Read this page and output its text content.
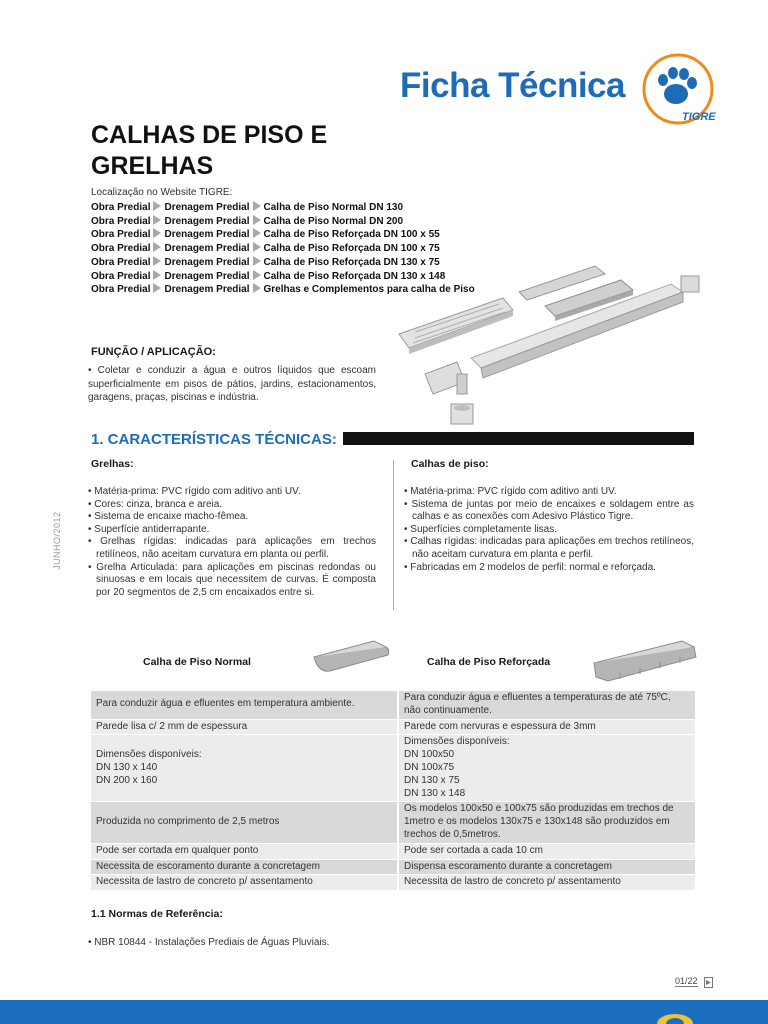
Ficha Técnica
TIGRE
CALHAS DE PISO E
GRELHAS
Localização no Website TIGRE:
Obra Predial Drenagem Predial Calha de Piso Normal DN 130
Obra Predial Drenagem Predial Calha de Piso Normal DN 200
Obra Predial Drenagem Predial Calha de Piso Reforçada DN 100 x 55
Obra Predial Drenagem Predial Calha de Piso Reforçada DN 100 x 75
Obra Predial Drenagem Predial Calha de Piso Reforçada DN 130 x 75
Obra Predial Drenagem Predial Calha de Piso Reforçada DN 130 x 148
Obra Predial Drenagem Predial Grelhas e Complementos para calha de Piso
FUNÇÃO / APLICAÇÃO:
• Coletar e conduzir a água e outros líquidos que escoam superficialmente em pisos de pátios, jardins, estacionamentos, garagens, praças, piscinas e indústria.
1. CARACTERÍSTICAS TÉCNICAS:
JUNHO/2012
Grelhas:
• Matéria-prima: PVC rígido com aditivo anti UV.
• Cores: cinza, branca e areia.
• Sistema de encaixe macho-fêmea.
• Superfície antiderrapante.
• Grelhas rígidas: indicadas para aplicações em trechos retilíneos, não aceitam curvatura em planta ou perfil.
• Grelha Articulada: para aplicações em piscinas redondas ou sinuosas e em locais que necessitem de curvas. É composta por 20 segmentos de 2,5 cm encaixados entre si.
Calhas de piso:
• Matéria-prima: PVC rígido com aditivo anti UV.
• Sistema de juntas por meio de encaixes e soldagem entre as calhas e as conexões com Adesivo Plástico Tigre.
• Superfícies completamente lisas.
• Calhas rígidas: indicadas para aplicações em trechos retilíneos, não aceitam curvatura em planta e perfil.
• Fabricadas em 2 modelos de perfil: normal e reforçada.
Calha de Piso Normal	Calha de Piso Reforçada
Para conduzir água e efluentes em temperatura ambiente.	Para conduzir água e efluentes a temperaturas de até 75ºC, não continuamente.
Parede lisa c/ 2 mm de espessura	Parede com nervuras e espessura de 3mm
Dimensões disponíveis:
DN 130 x 140
DN 200 x 160	Dimensões disponíveis:
DN 100x50
DN 100x75
DN 130 x 75
DN 130 x 148
Produzida no comprimento de 2,5 metros	Os modelos 100x50 e 100x75 são produzidas em trechos de 1metro e os modelos 130x75 e 130x148 são produzidos em trechos de 0,5metros.
Pode ser cortada em qualquer ponto	Pode ser cortada a cada 10 cm
Necessita de escoramento durante a concretagem	Dispensa escoramento durante a concretagem
Necessita de lastro de concreto p/ assentamento	Necessita de lastro de concreto p/ assentamento
1.1 Normas de Referência:
• NBR 10844 - Instalações Prediais de Águas Pluviais.
01/22
